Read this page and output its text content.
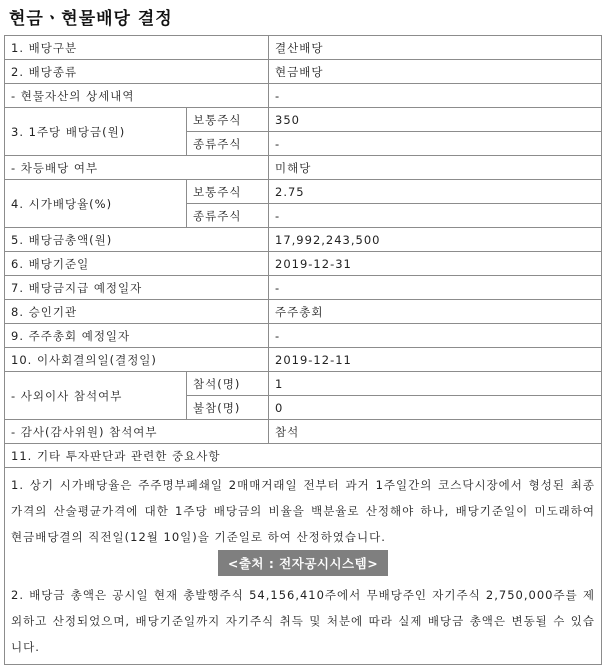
현금ㆍ현물배당 결정
1. 배당구분		결산배당
2. 배당종류		현금배당
- 현물자산의 상세내역		-
3. 1주당 배당금(원)	보통주식	350
	종류주식	-
- 차등배당 여부		미해당
4. 시가배당율(%)	보통주식	2.75
	종류주식	-
5. 배당금총액(원)		17,992,243,500
6. 배당기준일		2019-12-31
7. 배당금지급 예정일자		-
8. 승인기관		주주총회
9. 주주총회 예정일자		-
10. 이사회결의일(결정일)		2019-12-11
- 사외이사 참석여부	참석(명)	1
	불참(명)	0
- 감사(감사위원) 참석여부		참석
11. 기타 투자판단과 관련한 중요사항		

1. 상기 시가배당율은 주주명부폐쇄일 2매매거래일 전부터 과거 1주일간의 코스닥시장에서 형성된 최종가격의 산술평균가격에 대한 1주당 배당금의 비율을 백분율로 산정해야 하나, 배당기준일이 미도래하여 현금배당결의 직전일(12월 10일)을 기준일로 하여 산정하였습니다.

<출처 : 전자공시시스템>

2. 배당금 총액은 공시일 현재 총발행주식 54,156,410주에서 무배당주인 자기주식 2,750,000주를 제외하고 산정되었으며, 배당기준일까지 자기주식 취득 및 처분에 따라 실제 배당금 총액은 변동될 수 있습니다.		
